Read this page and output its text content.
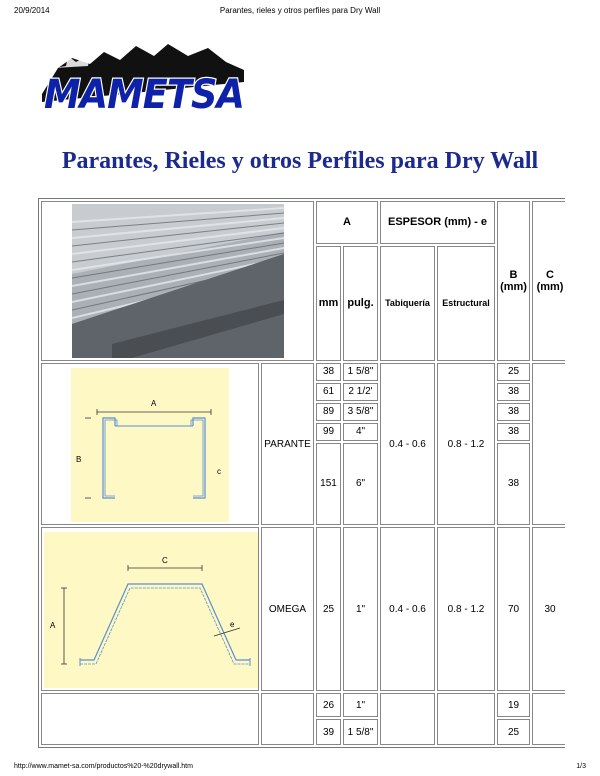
20/9/2014	Parantes, rieles y otros perfiles para Dry Wall
MAMETSA
Parantes, Rieles y otros Perfiles para Dry Wall
	A		ESPESOR (mm) - e		B (mm)	C (mm)
		mm	pulg.	Tabiquería	Estructural		

A
B
c	PARANTE	38	1 5/8"	0.4 - 0.6	0.8 - 1.2	25	
		61	2 1/2'			38	
		89	3 5/8"			38	
		99	4"			38	
		151	6"			38	

C
A e	OMEGA	25	1"	0.4 - 0.6	0.8 - 1.2	70	30
		26	1"			19	
		39	1 5/8"			25	
http://www.mamet-sa.com/productos%20-%20drywall.htm	1/3
